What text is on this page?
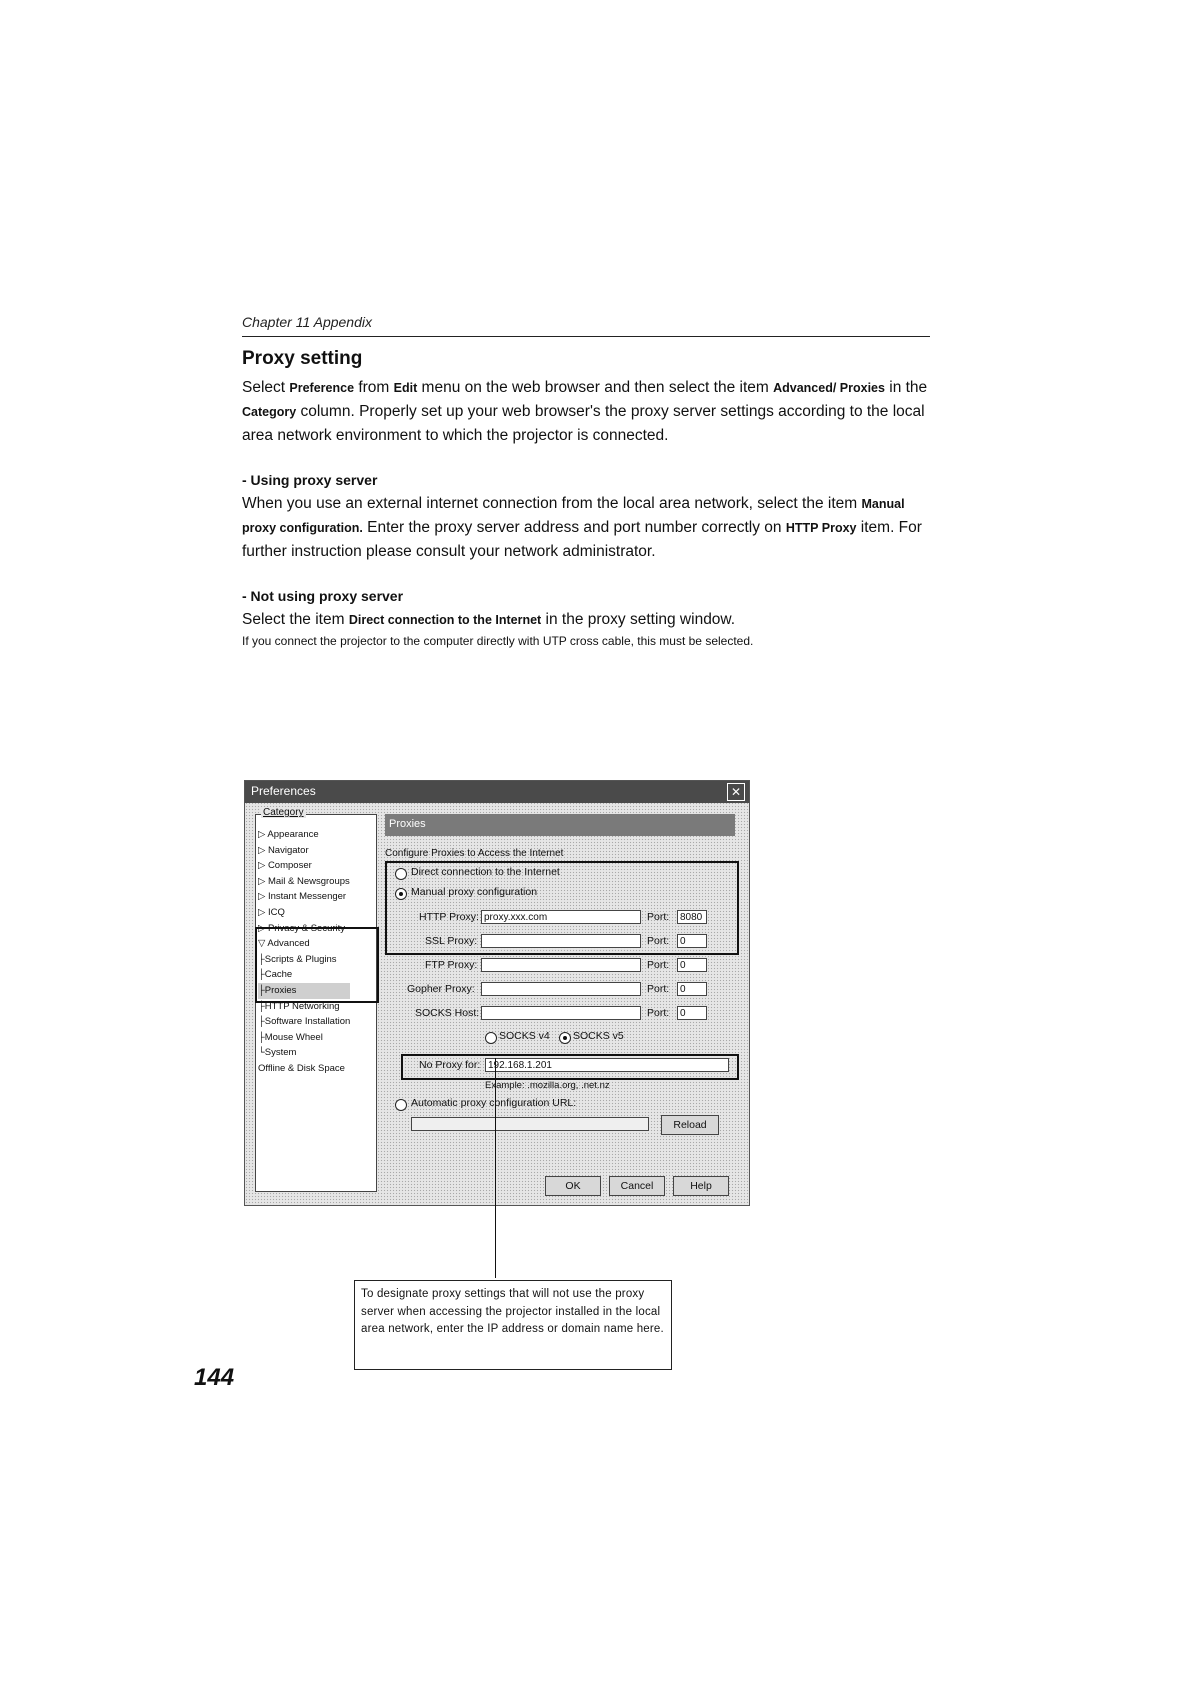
Chapter 11 Appendix
Proxy setting
Select Preference from Edit menu on the web browser and then select the item Advanced/ Proxies in the Category column. Properly set up your web browser's the proxy server settings according to the local area network environment to which the projector is connected.
- Using proxy server
When you use an external internet connection from the local area network, select the item Manual proxy configuration. Enter the proxy server address and port number correctly on HTTP Proxy item. For further instruction please consult your network administrator.
- Not using proxy server
Select the item Direct connection to the Internet in the proxy setting window.
If you connect the projector to the computer directly with UTP cross cable, this must be selected.
Preferences	✕
▷ Appearance
▷ Navigator
▷ Composer
▷ Mail & Newsgroups
▷ Instant Messenger
▷ ICQ
▷ Privacy & Security
▽ Advanced
├Scripts & Plugins
├Cache
├Proxies
├HTTP Networking
├Software Installation
├Mouse Wheel
└System
Offline & Disk Space
Category
Proxies
Configure Proxies to Access the Internet
Direct connection to the Internet
Manual proxy configuration
HTTP Proxy: proxy.xxx.com	Port:	8080
SSL Proxy:	Port:	0
FTP Proxy:	Port:	0
Gopher Proxy:	Port:	0
SOCKS Host:	Port:	0
SOCKS v4 SOCKS v5
No Proxy for: 192.168.1.201
Example: .mozilla.org, .net.nz
Automatic proxy configuration URL:
Reload
OK	Cancel	Help
To designate proxy settings that will not use the proxy server when accessing the projector installed in the local area network, enter the IP address or domain name here.
144
